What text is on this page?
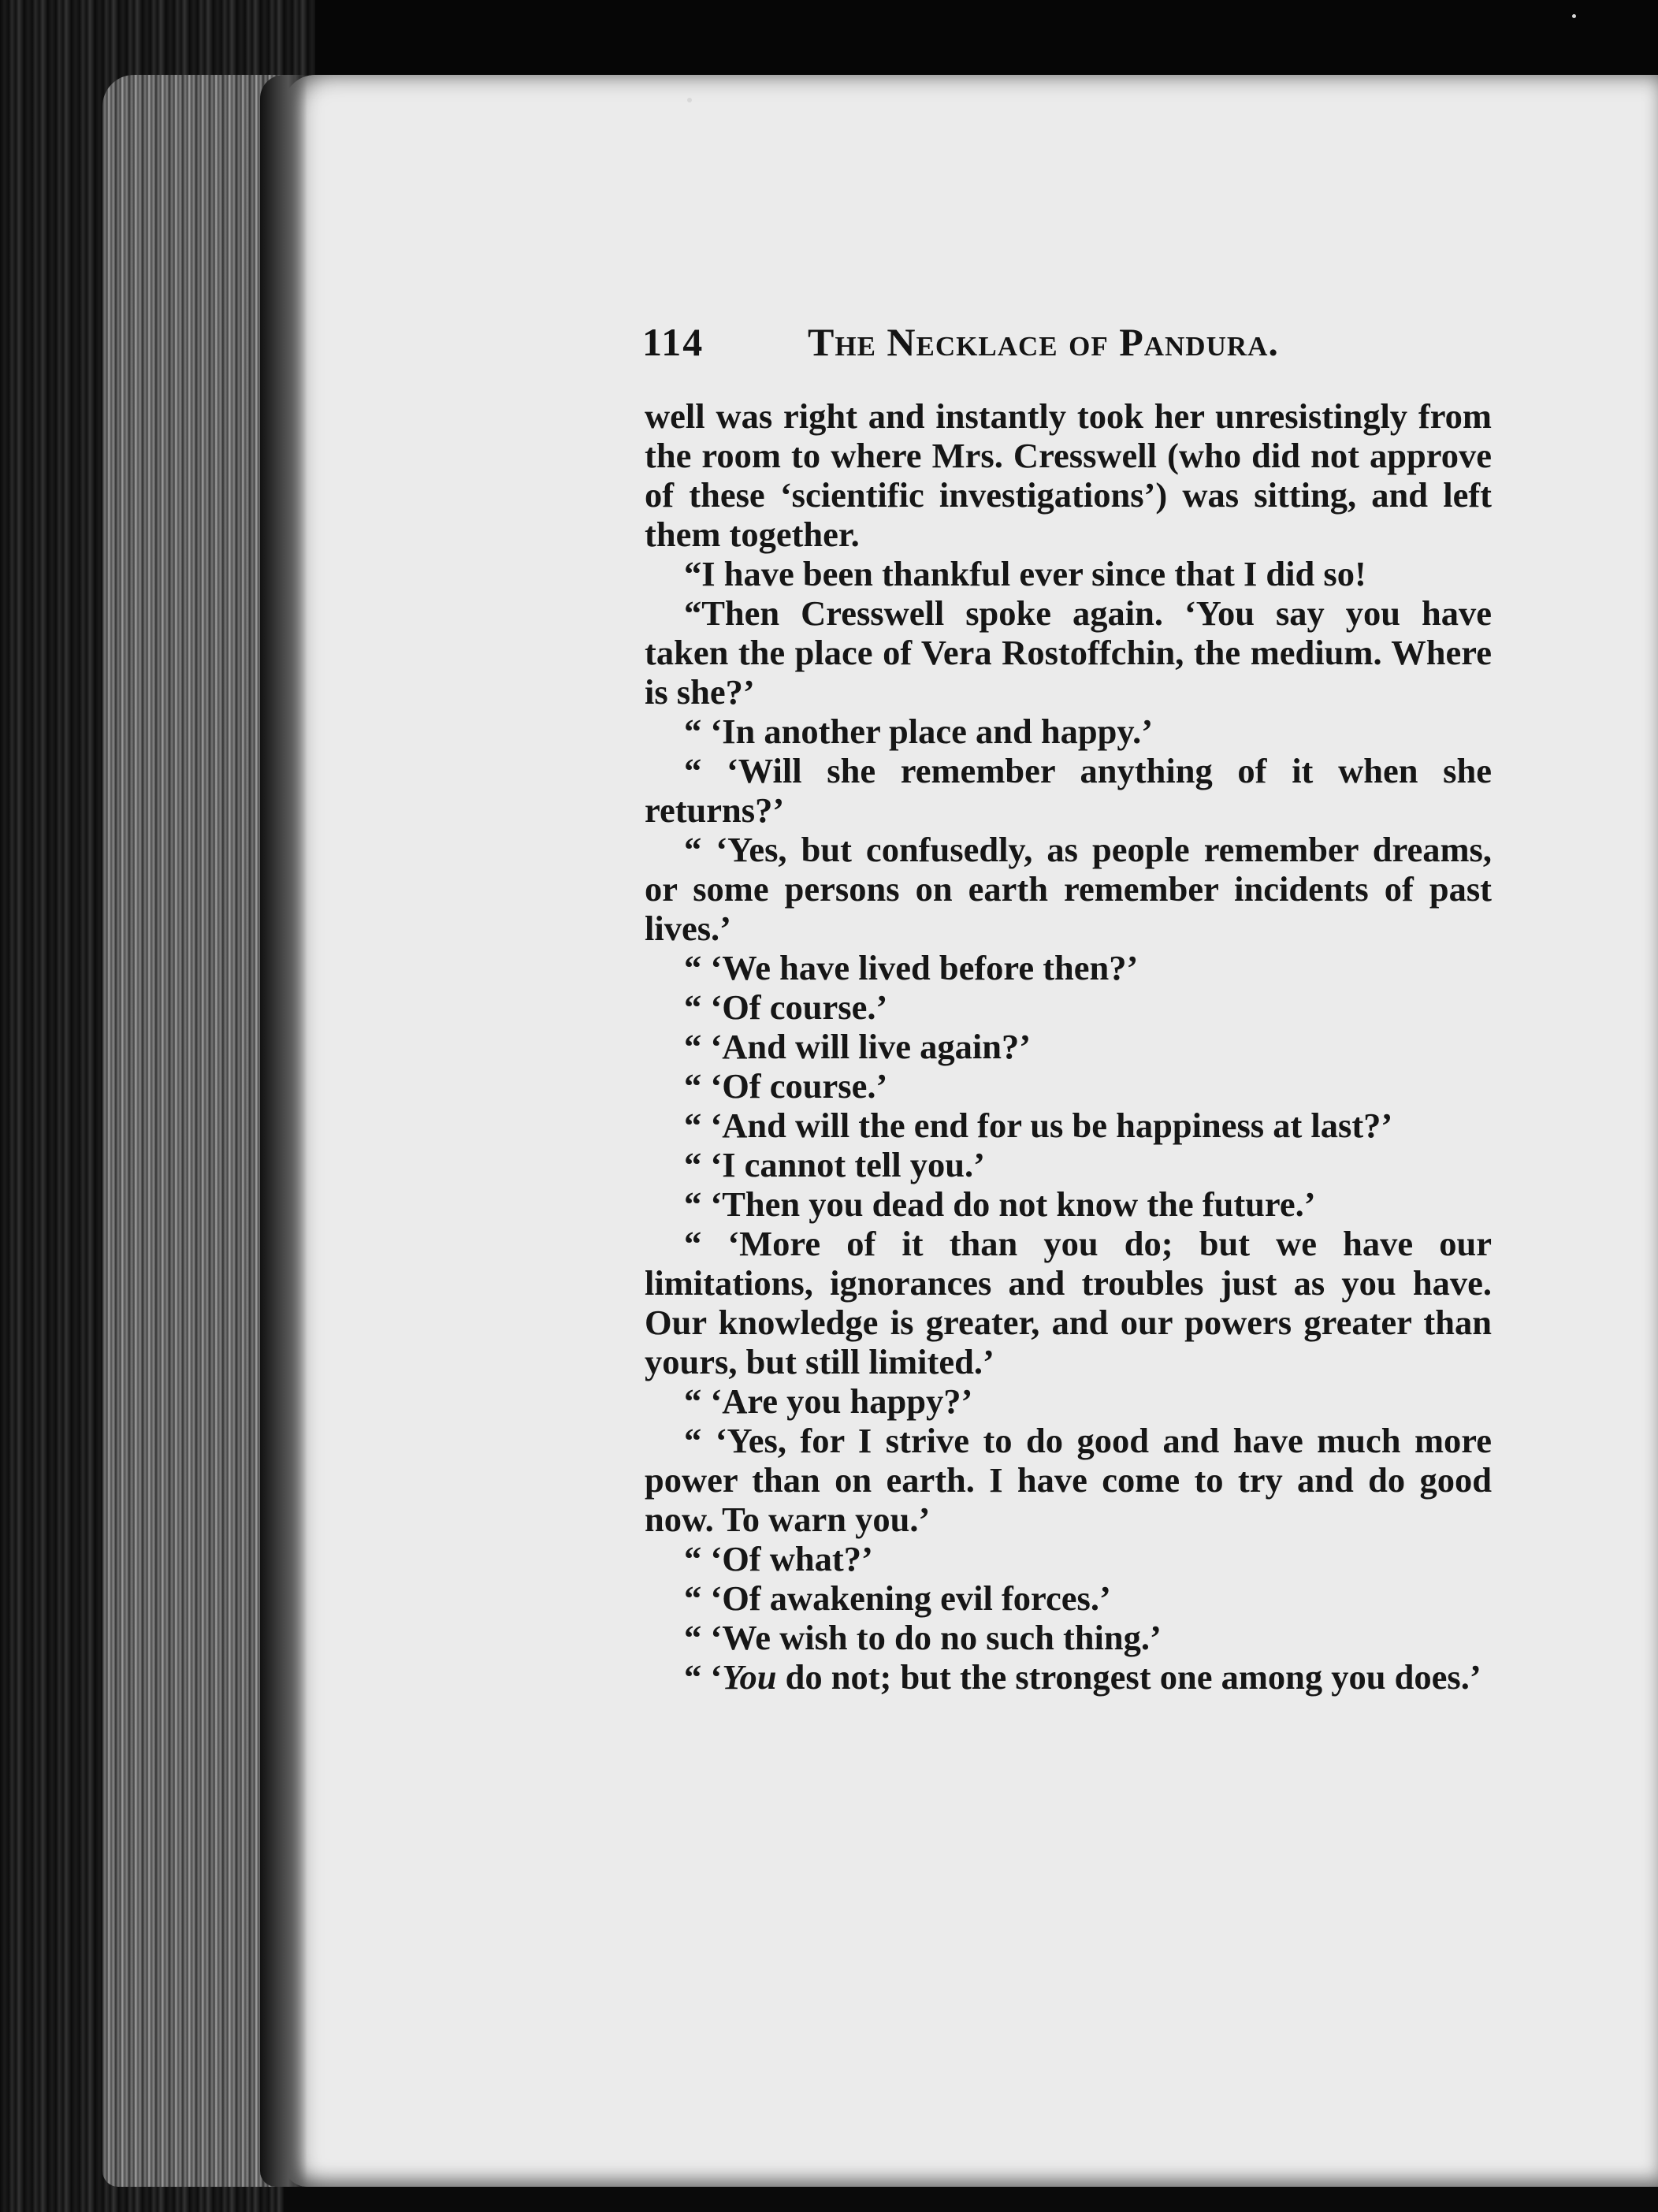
114	The Necklace of Pandura.

well was right and instantly took her unresistingly from the room to where Mrs. Cresswell (who did not approve of these ‘scientific investigations’) was sitting, and left them together.

“I have been thankful ever since that I did so!

“Then Cresswell spoke again. ‘You say you have taken the place of Vera Rostoffchin, the medium. Where is she?’

“ ‘In another place and happy.’

“ ‘Will she remember anything of it when she returns?’

“ ‘Yes, but confusedly, as people remember dreams, or some persons on earth remember incidents of past lives.’

“ ‘We have lived before then?’

“ ‘Of course.’

“ ‘And will live again?’

“ ‘Of course.’

“ ‘And will the end for us be happiness at last?’

“ ‘I cannot tell you.’

“ ‘Then you dead do not know the future.’

“ ‘More of it than you do; but we have our limitations, ignorances and troubles just as you have. Our knowledge is greater, and our powers greater than yours, but still limited.’

“ ‘Are you happy?’

“ ‘Yes, for I strive to do good and have much more power than on earth. I have come to try and do good now. To warn you.’

“ ‘Of what?’

“ ‘Of awakening evil forces.’

“ ‘We wish to do no such thing.’

“ ‘You do not; but the strongest one among you does.’
